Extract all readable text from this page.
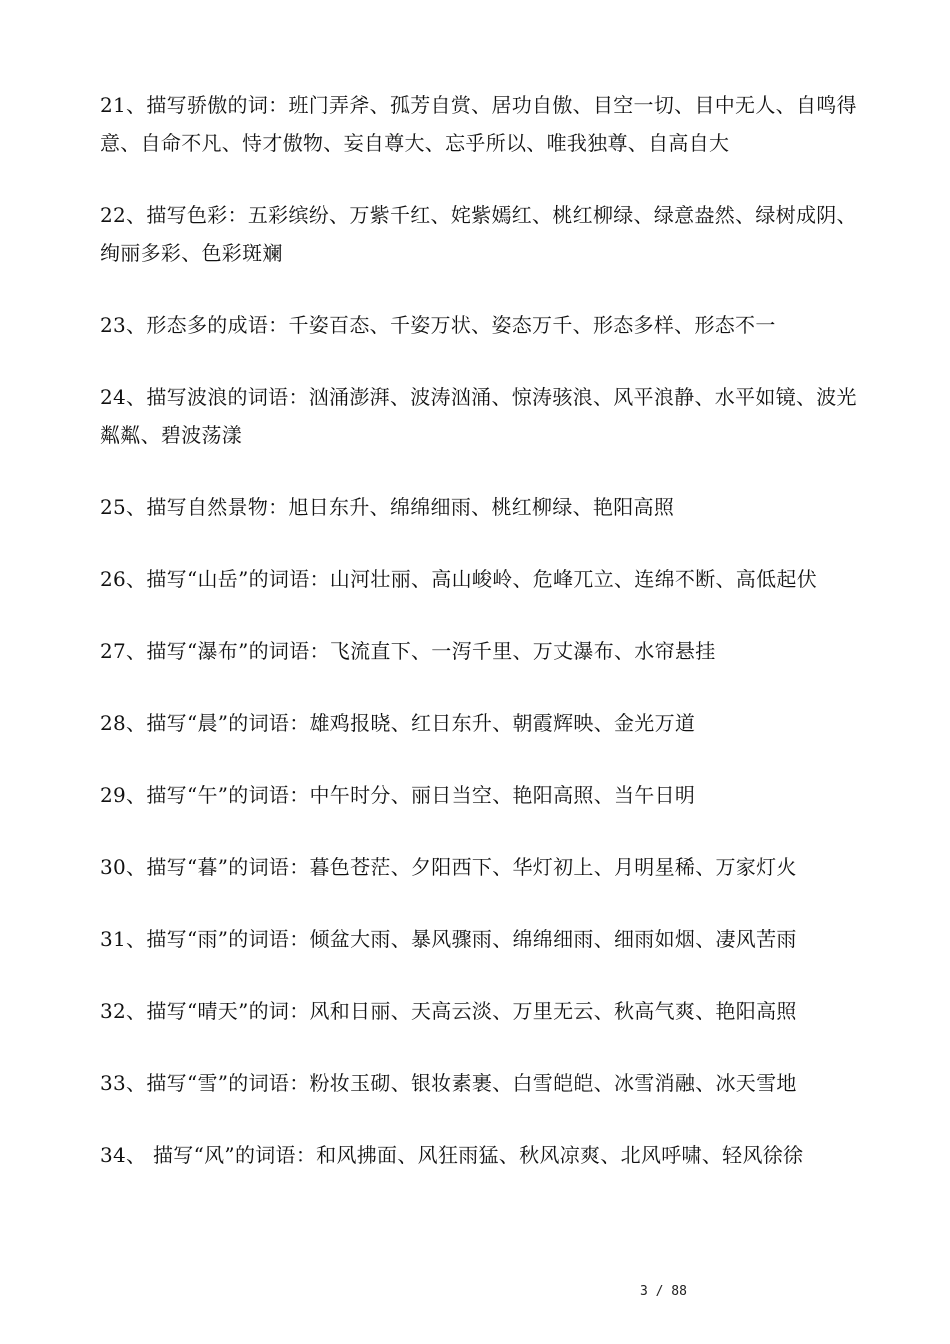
21、描写骄傲的词：班门弄斧、孤芳自赏、居功自傲、目空一切、目中无人、自鸣得意、自命不凡、恃才傲物、妄自尊大、忘乎所以、唯我独尊、自高自大
22、描写色彩：五彩缤纷、万紫千红、姹紫嫣红、桃红柳绿、绿意盎然、绿树成阴、绚丽多彩、色彩斑斓
23、形态多的成语：千姿百态、千姿万状、姿态万千、形态多样、形态不一
24、描写波浪的词语：汹涌澎湃、波涛汹涌、惊涛骇浪、风平浪静、水平如镜、波光粼粼、碧波荡漾
25、描写自然景物：旭日东升、绵绵细雨、桃红柳绿、艳阳高照
26、描写“山岳”的词语：山河壮丽、高山峻岭、危峰兀立、连绵不断、高低起伏
27、描写“瀑布”的词语：飞流直下、一泻千里、万丈瀑布、水帘悬挂
28、描写“晨”的词语：雄鸡报晓、红日东升、朝霞辉映、金光万道
29、描写“午”的词语：中午时分、丽日当空、艳阳高照、当午日明
30、描写“暮”的词语：暮色苍茫、夕阳西下、华灯初上、月明星稀、万家灯火
31、描写“雨”的词语：倾盆大雨、暴风骤雨、绵绵细雨、细雨如烟、凄风苦雨
32、描写“晴天”的词：风和日丽、天高云淡、万里无云、秋高气爽、艳阳高照
33、描写“雪”的词语：粉妆玉砌、银妆素裹、白雪皑皑、冰雪消融、冰天雪地
34、 描写“风”的词语：和风拂面、风狂雨猛、秋风凉爽、北风呼啸、轻风徐徐
3 / 88
